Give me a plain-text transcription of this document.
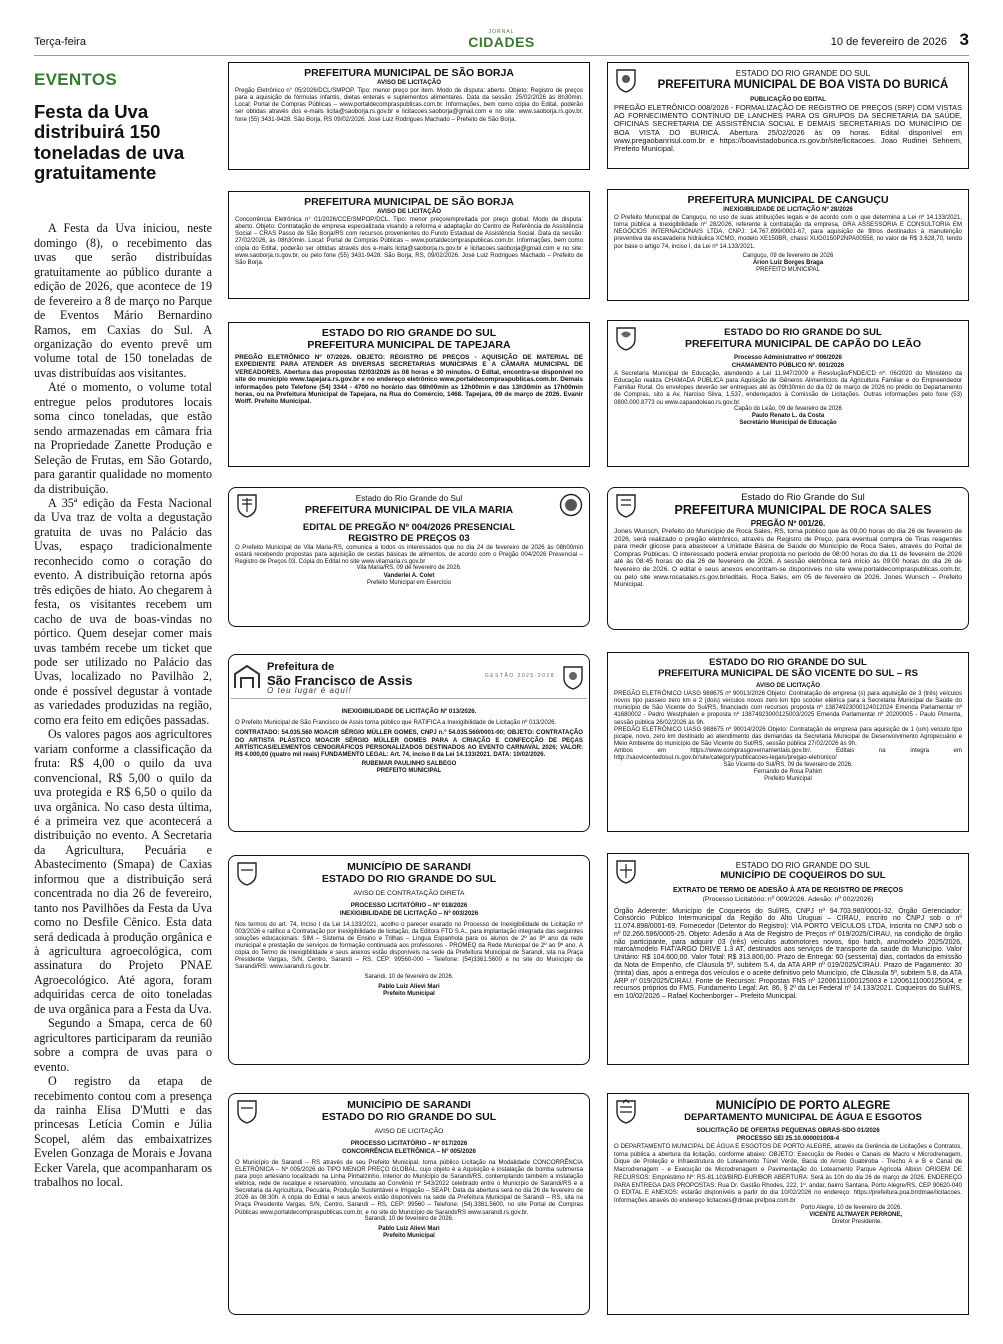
Terça-feira
JORNAL
CIDADES	10 de fevereiro de 2026 3
EVENTOS
Festa da Uva distribuirá 150 toneladas de uva gratuitamente

A Festa da Uva iniciou, neste domingo (8), o recebimento das uvas que serão distribuídas gratuitamente ao público durante a edição de 2026, que acontece de 19 de fevereiro a 8 de março no Parque de Eventos Mário Bernardino Ramos, em Caxias do Sul. A organização do evento prevê um volume total de 150 toneladas de uvas distribuídas aos visitantes.

Até o momento, o volume total entregue pelos produtores locais soma cinco toneladas, que estão sendo armazenadas em câmara fria na Propriedade Zanette Produção e Seleção de Frutas, em São Gotardo, para garantir qualidade no momento da distribuição.

A 35ª edição da Festa Nacional da Uva traz de volta a degustação gratuita de uvas no Palácio das Uvas, espaço tradicionalmente reconhecido como o coração do evento. A distribuição retorna após três edições de hiato. Ao chegarem à festa, os visitantes recebem um cacho de uva de boas-vindas no pórtico. Quem desejar comer mais uvas também recebe um ticket que pode ser utilizado no Palácio das Uvas, localizado no Pavilhão 2, onde é possível degustar à vontade as variedades produzidas na região, como era feito em edições passadas.

Os valores pagos aos agricultores variam conforme a classificação da fruta: R$ 4,00 o quilo da uva convencional, R$ 5,00 o quilo da uva protegida e R$ 6,50 o quilo da uva orgânica. No caso desta última, é a primeira vez que acontecerá a distribuição no evento. A Secretaria da Agricultura, Pecuária e Abastecimento (Smapa) de Caxias informou que a distribuição será concentrada no dia 26 de fevereiro, tanto nos Pavilhões da Festa da Uva como no Desfile Cênico. Esta data será dedicada à produção orgânica e à agricultura agroecológica, com assinatura do Projeto PNAE Agroecológico. Até agora, foram adquiridas cerca de oito toneladas de uva orgânica para a Festa da Uva.

Segundo a Smapa, cerca de 60 agricultores participaram da reunião sobre a compra de uvas para o evento.

O registro da etapa de recebimento contou com a presença da rainha Elisa D'Mutti e das princesas Letícia Comin e Júlia Scopel, além das embaixatrizes Evelen Gonzaga de Morais e Jovana Ecker Varela, que acompanharam os trabalhos no local.

PREFEITURA MUNICIPAL DE SÃO BORJA
AVISO DE LICITAÇÃO
Pregão Eletrônico n° 05/2026/DCL/SMPOP. Tipo: menor preço por item. Modo de disputa: aberto. Objeto: Registro de preços para a aquisição de fórmulas infantis, dietas enterais e suplementos alimentares. Data da sessão: 25/02/2026 às 8h30min. Local: Portal de Compras Públicas – www.portaldecompraspublicas.com.br. Informações, bem como cópia do Edital, poderão ser obtidas através dos e-mails licita@saoborja.rs.gov.br e licitacoes.saoborja@gmail.com e no site: www.saoborja.rs.gov.br, fone (55) 3431-9428. São Borja, RS 09/02/2026. José Luiz Rodrigues Machado – Prefeito de São Borja.
PREFEITURA MUNICIPAL DE SÃO BORJA
AVISO DE LICITAÇÃO
Concorrência Eletrônica n° 01/2026/CCE/SMPOP/DCL. Tipo: menor preço/empreitada por preço global. Modo de disputa: aberto. Objeto: Contratação de empresa especializada visando a reforma e adaptação do Centro de Referência de Assistência Social – CRAS Passo de São Borja/RS com recursos provenientes do Fundo Estadual de Assistência Social. Data da sessão: 27/02/2026, às 08h30min. Local: Portal de Compras Públicas – www.portaldecompraspublicas.com.br. Informações, bem como cópia do Edital, poderão ser obtidas através dos e-mails licita@saoborja.rs.gov.br e licitacoes.saoborja@gmail.com e no site: www.saoborja.rs.gov.br, ou pelo fone (55) 3431-9428. São Borja, RS, 09/02/2026. José Luiz Rodrigues Machado – Prefeito de São Borja.
ESTADO DO RIO GRANDE DO SUL
PREFEITURA MUNICIPAL DE TAPEJARA
PREGÃO ELETRÔNICO Nº 07/2026. OBJETO: REGISTRO DE PREÇOS - AQUISIÇÃO DE MATERIAL DE EXPEDIENTE PARA ATENDER AS DIVERSAS SECRETARIAS MUNICIPAIS E A CÂMARA MUNICIPAL DE VEREADORES. Abertura das propostas 02/03/2026 às 08 horas e 30 minutos. O Edital, encontra-se disponível no site do município www.tapejara.rs.gov.br e no endereço eletrônico www.portaldecompraspublicas.com.br. Demais informações pelo Telefone (54) 3344 - 4700 no horário das 08h00min as 12h00min e das 13h30min as 17h00min horas, ou na Prefeitura Municipal de Tapejara, na Rua do Comércio, 1468. Tapejara, 09 de março de 2026. Evanir Wolff. Prefeito Municipal.
Estado do Rio Grande do Sul
PREFEITURA MUNICIPAL DE VILA MARIA
EDITAL DE PREGÃO Nº 004/2026 PRESENCIAL
REGISTRO DE PREÇOS 03
O Prefeito Municipal de Vila Maria-RS, comunica a todos os interessados que no dia 24 de fevereiro de 2026 às 08h00min estará recebendo propostas para aquisição de cestas básicas de alimentos, de acordo com o Pregão 004/2026 Presencial – Registro de Preços 03. Cópia do Edital no site www.vilamaria.rs.gov.br
Vila Maria/RS, 09 de fevereiro de 2026.
Vanderlei A. Colet
Prefeito Municipal em Exercício
Prefeitura de
São Francisco de Assis
O teu lugar é aqui!
GESTÃO 2025-2028
INEXIGIBILIDADE DE LICITAÇÃO Nº 013/2026.
O Prefeito Municipal de São Francisco de Assis torna público que RATIFICA a Inexigibilidade de Licitação nº 013/2026.
CONTRATADO: 54.035.560 MOACIR SÉRGIO MÜLLER GOMES, CNPJ n.º 54.035.560/0001-00; OBJETO: CONTRATAÇÃO DO ARTISTA PLÁSTICO MOACIR SÉRGIO MÜLLER GOMES PARA A CRIAÇÃO E CONFECÇÃO DE PEÇAS ARTÍSTICAS/ELEMENTOS CENOGRÁFICOS PERSONALIZADOS DESTINADOS AO EVENTO CARNAVAL 2026; VALOR: R$ 4.000,00 (quatro mil reais) FUNDAMENTO LEGAL: Art. 74, inciso II da Lei 14.133/2021. DATA: 10/02/2026.
RUBEMAR PAULINHO SALBEGO
PREFEITO MUNICIPAL
MUNICÍPIO DE SARANDI
ESTADO DO RIO GRANDE DO SUL
AVISO DE CONTRATAÇÃO DIRETA
PROCESSO LICITATÓRIO – Nº 018/2026
INEXIGIBILIDADE DE LICITAÇÃO – Nº 003/2026
Nos termos do art. 74, Inciso I da Lei 14.133/2021, acolho o parecer exarado no Processo de Inexigibilidade de Licitação nº 003/2026 e ratifico a Contratação por inexigibilidade de licitação, da Editora FTD S.A., para implantação integrada das seguintes soluções educacionais: SIM – Sistema de Ensino e Trilhas – Língua Espanhola para os alunos de 2º ao 9º ano da rede municipal e prestação de serviços de formação continuada aos professores - PROMEQ da Rede Municipal de 2º ao 9º ano. A cópia do Termo de Inexigibilidade e seus anexos estão disponíveis na sede da Prefeitura Municipal de Sarandi, sita na Praça Presidente Vargas, S/N, Centro, Sarandi – RS, CEP: 99560-000 – Telefone: (54)3361.5600 e no site do Município de Sarandi/RS: www.sarandi.rs.gov.br.
Sarandi, 10 de fevereiro de 2026.
Pablo Luiz Alievi Mari
Prefeito Municipal
MUNICÍPIO DE SARANDI
ESTADO DO RIO GRANDE DO SUL
AVISO DE LICITAÇÃO
PROCESSO LICITATÓRIO – Nº 017/2026
CONCORRÊNCIA ELETRÔNICA – Nº 005/2026
O Município de Sarandi – RS através de seu Prefeito Municipal, torna público Licitação na Modalidade CONCORRÊNCIA ELETRÔNICA – Nº 005/2026 do TIPO MENOR PREÇO GLOBAL, cujo objeto é a Aquisição e instalação de bomba submersa para poço artesiano localizado na Linha Pinhalzinho, interior do Município de Sarandi/RS, contemplando também a instalação elétrica, rede de recalque e reservatório, vinculada ao Convênio nº 543/2022 celebrado entre o Município de Sarandi/RS e a Secretaria da Agricultura, Pecuária, Produção Sustentável e Irrigação – SEAPI. Data da abertura será no dia 26 de fevereiro de 2026 às 08:30h. A cópia do Edital e seus anexos estão disponíveis na sede da Prefeitura Municipal de Sarandi – RS, sita na Praça Presidente Vargas, S/N, Centro, Sarandi – RS, CEP: 99560 – Telefone: (54).3361.5600, no site Portal de Compras Públicas www.portaldecompraspublicas.com.br, e no site do Município de Sarandi/RS www.sarandi.rs.gov.br.
Sarandi, 10 de fevereiro de 2026.
Pablo Luiz Alievi Mari
Prefeito Municipal
ESTADO DO RIO GRANDE DO SUL
PREFEITURA MUNICIPAL DE BOA VISTA DO BURICÁ
PUBLICAÇÃO DO EDITAL
PREGÃO ELETRÔNICO 008/2026 - FORMALIZAÇÃO DE REGISTRO DE PREÇOS (SRP) COM VISTAS AO FORNECIMENTO CONTÍNUO DE LANCHES PARA OS GRUPOS DA SECRETARIA DA SAÚDE, OFICINAS SECRETARIA DE ASSISTÊNCIA SOCIAL E DEMAIS SECRETARIAS DO MUNICÍPIO DE BOA VISTA DO BURICÁ. Abertura 25/02/2026 às 09 horas. Edital disponível em www.pregaobanrisul.com.br e https://boavistadoburica.rs.gov.br/site/licitacoes. Joao Rudinei Sehnem, Prefeito Municipal.
PREFEITURA MUNICIPAL DE CANGUÇU
INEXIGIBILIDADE DE LICITAÇÃO Nº 28/2026
O Prefeito Municipal de Canguçu, no uso de suas atribuições legais e de acordo com o que determina a Lei nº 14.133/2021, torna pública a Inexigibilidade nº 28/2026, referente à contratação da empresa, GRA ASSESSORIA E CONSULTORIA EM NEGÓCIOS INTERNACIONAIS LTDA, CNPJ: 14.767.899/0001-67, para aquisição de filtros destinados à manutenção preventiva da escavadeira hidráulica XCMG, modelo XE150BR, chassi XUG0150P2NPA00558, no valor de R$ 3.628,70, tendo por base o artigo 74, inciso I, da Lei nº 14.133/2021.
Canguçu, 09 de fevereiro de 2026
Arion Luiz Borges Braga
PREFEITO MUNICIPAL
ESTADO DO RIO GRANDE DO SUL
PREFEITURA MUNICIPAL DE CAPÃO DO LEÃO
Processo Administrativo nº 006/2026
CHAMAMENTO PÚBLICO Nº. 001/2026
A Secretaria Municipal de Educação, atendendo a Lei 11.947/2009 e Resolução/FNDE/CD nº. 06/2020 do Ministério da Educação realiza CHAMADA PÚBLICA para Aquisição de Gêneros Alimentícios da Agricultura Familiar e do Empreendedor Familiar Rural. Os envelopes deverão ser entregues até às 09h30min do dia 02 de março de 2026 no prédio do Departamento de Compras, sito a Av. Narciso Silva, 1.537, endereçados à Comissão de Licitações. Outras informações pelo fone (53) 0800.000.8773 ou www.capaodoleao.rs.gov.br.
Capão do Leão, 09 de fevereiro de 2026
Paulo Renato L. da Costa
Secretário Municipal de Educação
Estado do Rio Grande do Sul
PREFEITURA MUNICIPAL DE ROCA SALES
PREGÃO Nº 001/26.
Jones Wunsch, Prefeito do Município de Roca Sales, RS, torna público que às 09,00 horas do dia 26 de fevereiro de 2026, será realizado o pregão eletrônico, através de Registro de Preço, para eventual compra de Tiras reagentes para medir glicose para abastecer a Unidade Básica de Saúde do Município de Roca Sales, através do Portal de Compras Públicas. O interessado poderá enviar proposta no período de 08:00 horas do dia 11 de fevereiro de 2026 até às 08:45 horas do dia 26 de fevereiro de 2026. A sessão eletrônica terá início às 09:00 horas do dia 26 de fevereiro de 2026. O edital e seus anexos encontram-se disponíveis no site www.portaldecompraspublicas.com.br, ou pelo site www.rocasales.rs.gov.br/editais. Roca Sales, em 05 de fevereiro de 2026. Jones Wunsch – Prefeito Municipal.
ESTADO DO RIO GRANDE DO SUL
PREFEITURA MUNICIPAL DE SÃO VICENTE DO SUL – RS
AVISO DE LICITAÇÃO
PREGÃO ELETRÔNICO UASG 988675 nº 90013/2026 Objeto: Contratação de empresa (s) para aquisição de 3 (três) veículos novos tipo passeio zero km e 2 (dois) veículos novos zero km tipo scooter elétrica para a Secretaria Municipal de Saúde do município de São Vicente do Sul/RS, financiado com recursos proposta nº 13874923000124012024 Emenda Parlamentar nº 41680002 - Pedro Westphalen e proposta nº 13874923000125003/2025 Emenda Parlamentar nº 20200005 - Paulo Pimenta, sessão pública 26/02/2026 às 9h.
PREGÃO ELETRÔNICO UASG 988675 nº 90014/2026 Objeto: Contratação de empresa para aquisição de 1 (um) veículo tipo picape, novo, zero km destinado ao atendimento das demandas da Secretaria Municipal de Desenvolvimento Agropecuário e Meio Ambiente do município de São Vicente do Sul/RS, sessão pública 27/02/2026 às 9h.
Ambos em https://www.comprasgovernamentais.gov.br/. Editais na íntegra em http://saovicentedosul.rs.gov.br/site/category/publicacoes-legais/pregao-eletronico/
São Vicente do Sul/RS, 09 de fevereiro de 2026.
Fernando de Rosa Pahim
Prefeito Municipal
ESTADO DO RIO GRANDE DO SUL
MUNICÍPIO DE COQUEIROS DO SUL
EXTRATO DE TERMO DE ADESÃO À ATA DE REGISTRO DE PREÇOS
(Processo Licitatório: nº 009/2026. Adesão: nº 002/2026)
Órgão Aderente: Município de Coqueiros do Sul/RS, CNPJ nº 94.703.980/0001-32. Órgão Gerenciador: Consórcio Público Intermunicipal da Região do Alto Uruguai – CIRAU, inscrito no CNPJ sob o nº 11.074.898/0001-69. Fornecedor (Detentor do Registro): VIA PORTO VEÍCULOS LTDA, inscrita no CNPJ sob o nº 02.266.596/0005-25. Objeto: Adesão à Ata de Registro de Preços nº 019/2025/CIRAU, na condição de órgão não participante, para adquirir 03 (três) veículos automotores novos, tipo hatch, ano/modelo 2025/2026, marca/modelo FIAT/ARGO DRIVE 1.3 AT, destinados aos serviços de transporte da saúde do Município. Valor Unitário: R$ 104.600,00. Valor Total: R$ 313.800,00. Prazo de Entrega: 60 (sessenta) dias, contados da emissão da Nota de Empenho, cfe Cláusula 5ª, subitem 5.4, da ATA ARP nº 019/2025/CIRAU. Prazo de Pagamento: 30 (trinta) dias, após a entrega dos veículos e o aceite definitivo pelo Município, cfe Cláusula 5ª, subitem 5.8, da ATA ARP nº 019/2025/CIRAU. Fonte de Recursos: Propostas FNS nº 12006111000125003 e 12006111000125004, e recursos próprios do FMS. Fundamento Legal: Art. 86, § 2º da Lei Federal nº 14.133/2021. Coqueiros do Sul/RS, em 10/02/2026 – Rafael Kochenborger – Prefeito Municipal.
MUNICÍPIO DE PORTO ALEGRE
DEPARTAMENTO MUNICIPAL DE ÁGUA E ESGOTOS
SOLICITAÇÃO DE OFERTAS PEQUENAS OBRAS-SDO 01/2026
PROCESSO SEI 25.10.000001008-4
O DEPARTAMENTO MUNICIPAL DE ÁGUA E ESGOTOS DE PORTO ALEGRE, através da Gerência de Licitações e Contratos, torna pública a abertura da licitação, conforme abaixo: OBJETO: Execução de Redes e Canais de Macro e Microdrenagem, Dique de Proteção e Infraestrutura do Loteamento Túnel Verde, Bacia do Arroio Guabiroba - Trecho A e B e Canal de Macrodrenagem - e Execução de Microdrenagem e Pavimentação do Loteamento Parque Agrícola Albion ORIGEM DE RECURSOS: Empréstimo Nº: RS-81.103/BIRD-EURIBOR ABERTURA: Será às 10h do dia 26 de março de 2026. ENDEREÇO PARA ENTREGA DAS PROPOSTAS: Rua Dr. Gastão Rhodes, 222, 1º. andar, bairro Santana, Porto Alegre/RS, CEP 90620-040 O EDITAL E ANEXOS: estarão disponíveis a partir do dia 10/02/2026 no endereço: https://prefeitura.poa.br/dmae/licitacoes. Informações através do endereço licitacoes@dmae.prefpoa.com.br
Porto Alegre, 10 de fevereiro de 2026.
VICENTE ALTMAYER PERRONE,
Diretor Presidente.
